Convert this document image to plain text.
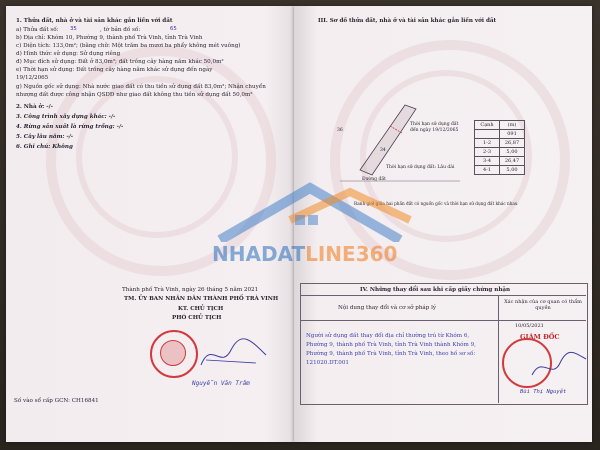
1. Thửa đất, nhà ở và tài sản khác gắn liền với đất
a) Thửa đất số: 35	, tờ bản đồ số:	65
b) Địa chỉ: Khóm 10, Phường 9, thành phố Trà Vinh, tỉnh Trà Vinh
c) Diện tích: 133,0m²; (bằng chữ: Một trăm ba mươi ba phẩy không mét vuông)
d) Hình thức sử dụng: Sử dụng riêng
đ) Mục đích sử dụng: Đất ở 83,0m²; đất trồng cây hàng năm khác 50,0m²
e) Thời hạn sử dụng: Đất trồng cây hàng năm khác sử dụng đến ngày
19/12/2065
g) Nguồn gốc sử dụng: Nhà nước giao đất có thu tiền sử dụng đất 83,0m²; Nhận chuyển
nhượng đất được công nhận QSDĐ như giao đất không thu tiền sử dụng đất 50,0m²
2. Nhà ở: -/-
3. Công trình xây dựng khác: -/-
4. Rừng sản xuất là rừng trồng: -/-
5. Cây lâu năm: -/-
6. Ghi chú: Không
Thành phố Trà Vinh, ngày 26 tháng 5 năm 2021
TM. ỦY BAN NHÂN DÂN THÀNH PHỐ TRÀ VINH
KT. CHỦ TỊCH
PHÓ CHỦ TỊCH
Nguyễn Văn Trâm
Số vào sổ cấp GCN: CH16841
III. Sơ đồ thửa đất, nhà ở và tài sản khác gắn liền với đất
Thời hạn sử dụng đất
đến ngày 19/12/2065
Thời hạn sử dụng đất: Lâu dài
Đường đất
36
34
Cạnh	(m)
	091
1-2	26,87
2-3	5,00
3-4	26,47
4-1	5,00
Ranh giới giữa hai phần đất có nguồn gốc và thời hạn sử dụng đất khác nhau
NHADATLINE360
IV. Những thay đổi sau khi cấp giấy chứng nhận
Nội dung thay đổi và cơ sở pháp lý
Xác nhận của cơ quan có thẩm quyền
Người sử dụng đất thay đổi địa chỉ thường trú từ Khóm 6,
Phường 9, thành phố Trà Vinh, tỉnh Trà Vinh thành Khóm 9,
Phường 9, thành phố Trà Vinh, tỉnh Trà Vinh, theo hồ sơ số:
121020.DT.001
10/05/2021
GIÁM ĐỐC
Bùi Thị Nguyệt
